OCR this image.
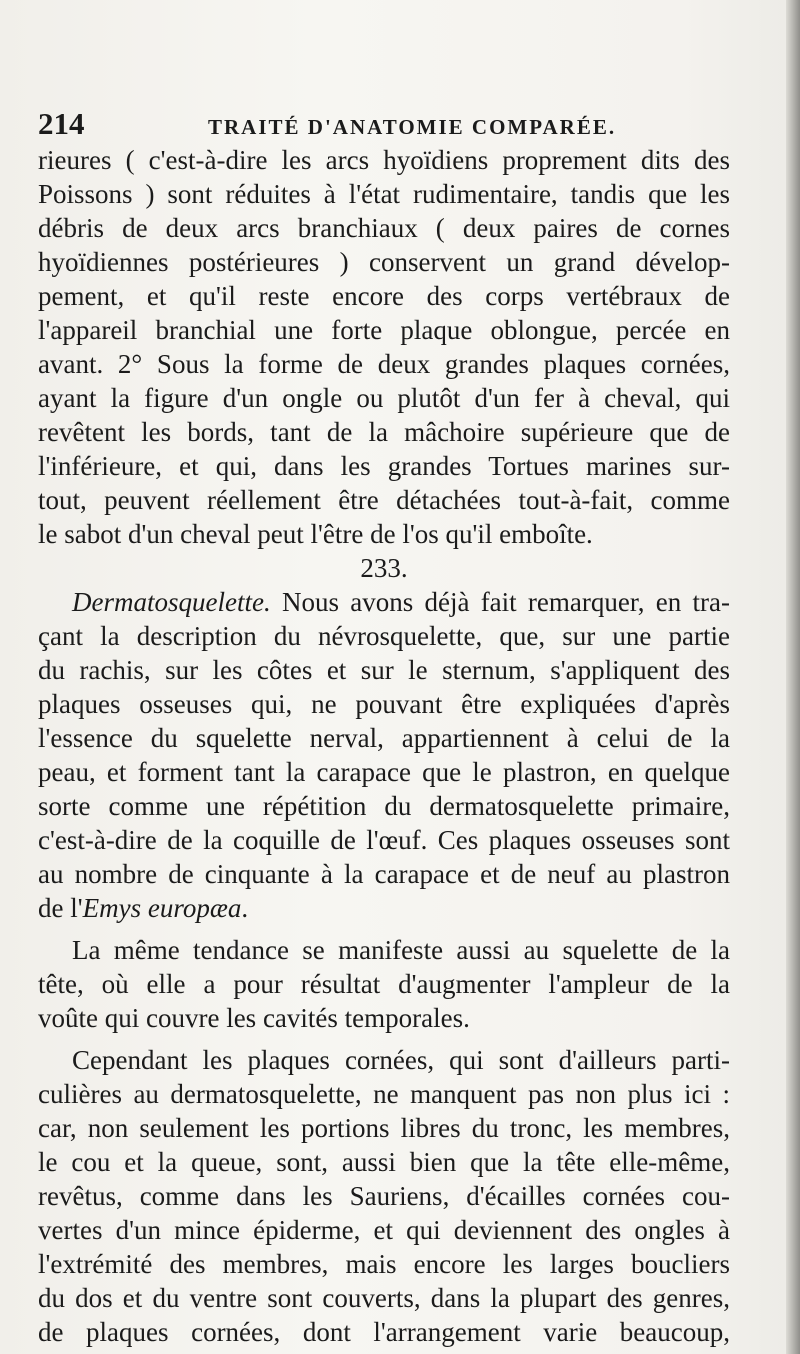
214	TRAITÉ D'ANATOMIE COMPARÉE.
rieures ( c'est-à-dire les arcs hyoïdiens proprement dits des
Poissons ) sont réduites à l'état rudimentaire, tandis que les
débris de deux arcs branchiaux ( deux paires de cornes
hyoïdiennes postérieures ) conservent un grand dévelop-
pement, et qu'il reste encore des corps vertébraux de
l'appareil branchial une forte plaque oblongue, percée en
avant. 2° Sous la forme de deux grandes plaques cornées,
ayant la figure d'un ongle ou plutôt d'un fer à cheval, qui
revêtent les bords, tant de la mâchoire supérieure que de
l'inférieure, et qui, dans les grandes Tortues marines sur-
tout, peuvent réellement être détachées tout-à-fait, comme
le sabot d'un cheval peut l'être de l'os qu'il emboîte.
233.
Dermatosquelette. Nous avons déjà fait remarquer, en tra-
çant la description du névrosquelette, que, sur une partie
du rachis, sur les côtes et sur le sternum, s'appliquent des
plaques osseuses qui, ne pouvant être expliquées d'après
l'essence du squelette nerval, appartiennent à celui de la
peau, et forment tant la carapace que le plastron, en quelque
sorte comme une répétition du dermatosquelette primaire,
c'est-à-dire de la coquille de l'œuf. Ces plaques osseuses sont
au nombre de cinquante à la carapace et de neuf au plastron
de l'Emys europæa.
La même tendance se manifeste aussi au squelette de la
tête, où elle a pour résultat d'augmenter l'ampleur de la
voûte qui couvre les cavités temporales.
Cependant les plaques cornées, qui sont d'ailleurs parti-
culières au dermatosquelette, ne manquent pas non plus ici :
car, non seulement les portions libres du tronc, les membres,
le cou et la queue, sont, aussi bien que la tête elle-même,
revêtus, comme dans les Sauriens, d'écailles cornées cou-
vertes d'un mince épiderme, et qui deviennent des ongles à
l'extrémité des membres, mais encore les larges boucliers
du dos et du ventre sont couverts, dans la plupart des genres,
de plaques cornées, dont l'arrangement varie beaucoup,
